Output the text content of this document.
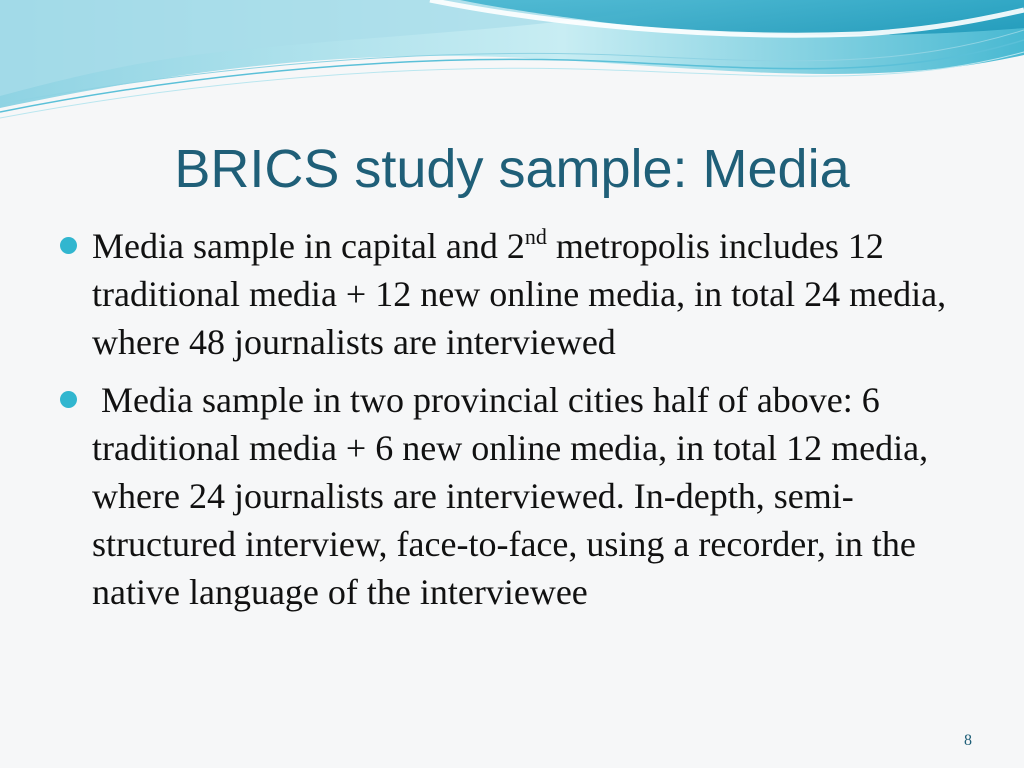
BRICS study sample: Media
Media sample in capital and 2nd metropolis includes 12 traditional media + 12 new online media, in total 24 media, where 48 journalists are interviewed
Media sample in two provincial cities half of above: 6 traditional media + 6 new online media, in total 12 media, where 24 journalists are interviewed. In-depth, semi-structured interview, face-to-face, using a recorder, in the native language of the interviewee
8
